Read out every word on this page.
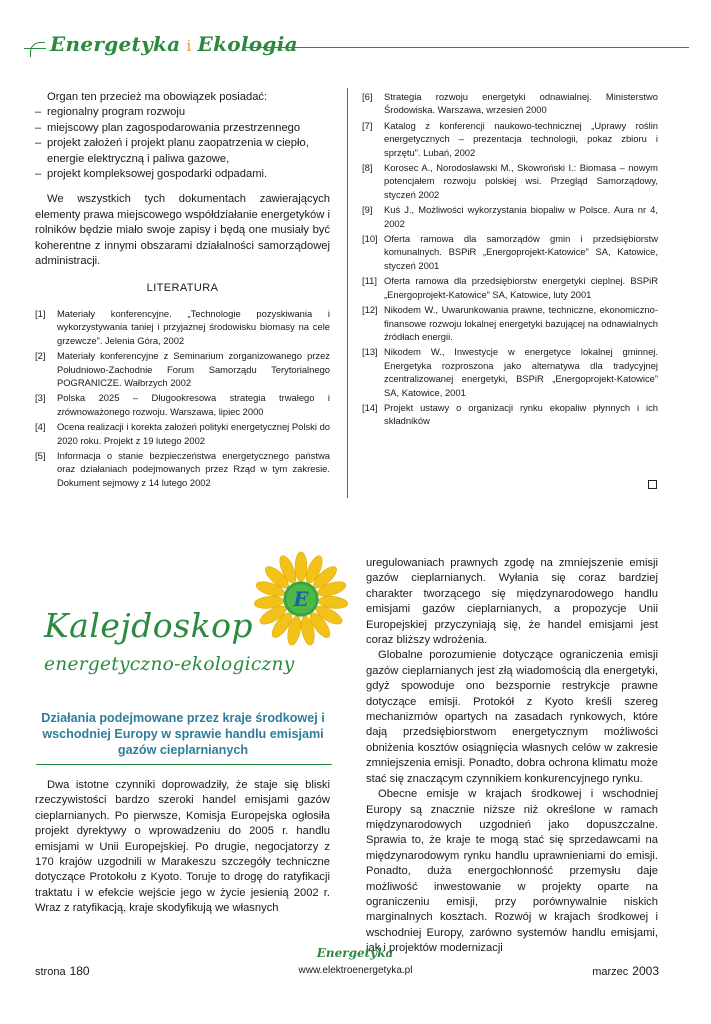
Energetyka i Ekologia

Organ ten przecież ma obowiązek posiadać:

– regionalny program rozwoju
– miejscowy plan zagospodarowania przestrzennego
– projekt założeń i projekt planu zaopatrzenia w ciepło, energie elektryczną i paliwa gazowe,
– projekt kompleksowej gospodarki odpadami.

We wszystkich tych dokumentach zawierających elementy prawa miejscowego współdziałanie energetyków i rolników będzie miało swoje zapisy i będą one musiały być koherentne z innymi obszarami działalności samorządowej administracji.

LITERATURA
[1] Materiały konferencyjne. „Technologie pozyskiwania i wykorzystywania taniej i przyjaznej środowisku biomasy na cele grzewcze”. Jelenia Góra, 2002
[2] Materiały konferencyjne z Seminarium zorganizowanego przez Południowo-Zachodnie Forum Samorządu Terytorialnego POGRANICZE. Wałbrzych 2002
[3] Polska 2025 – Długookresowa strategia trwałego i zrównoważonego rozwoju. Warszawa, lipiec 2000
[4] Ocena realizacji i korekta założeń polityki energetycznej Polski do 2020 roku. Projekt z 19 lutego 2002
[5] Informacja o stanie bezpieczeństwa energetycznego państwa oraz działaniach podejmowanych przez Rząd w tym zakresie. Dokument sejmowy z 14 lutego 2002
[6] Strategia rozwoju energetyki odnawialnej. Ministerstwo Środowiska. Warszawa, wrzesień 2000
[7] Katalog z konferencji naukowo-technicznej „Uprawy roślin energetycznych – prezentacja technologii, pokaz zbioru i sprzętu”. Lubań, 2002
[8] Korosec A., Norodosławski M., Skowroński I.: Biomasa – nowym potencjałem rozwoju polskiej wsi. Przegląd Samorządowy, styczeń 2002
[9] Kuś J., Możliwości wykorzystania biopaliw w Polsce. Aura nr 4, 2002
[10] Oferta ramowa dla samorządów gmin i przedsiębiorstw komunalnych. BSPiR „Energoprojekt-Katowice” SA, Katowice, styczeń 2001
[11] Oferta ramowa dla przedsiębiorstw energetyki cieplnej. BSPiR „Energoprojekt-Katowice” SA, Katowice, luty 2001
[12] Nikodem W., Uwarunkowania prawne, techniczne, ekonomiczno-finansowe rozwoju lokalnej energetyki bazującej na odnawialnych źródłach energii.
[13] Nikodem W., Inwestycje w energetyce lokalnej gminnej. Energetyka rozproszona jako alternatywa dla tradycyjnej zcentralizowanej energetyki, BSPiR „Energoprojekt-Katowice” SA, Katowice, 2001
[14] Projekt ustawy o organizacji rynku ekopaliw płynnych i ich składników
E
Kalejdoskop
energetyczno-ekologiczny
Działania podejmowane przez kraje środkowej i wschodniej Europy w sprawie handlu emisjami gazów cieplarnianych
Dwa istotne czynniki doprowadziły, że staje się bliski rzeczywistości bardzo szeroki handel emisjami gazów cieplarnianych. Po pierwsze, Komisja Europejska ogłosiła projekt dyrektywy o wprowadzeniu do 2005 r. handlu emisjami w Unii Europejskiej. Po drugie, negocjatorzy z 170 krajów uzgodnili w Marakeszu szczegóły techniczne dotyczące Protokołu z Kyoto. Toruje to drogę do ratyfikacji traktatu i w efekcie wejście jego w życie jesienią 2002 r. Wraz z ratyfikacją, kraje skodyfikują we własnych

uregulowaniach prawnych zgodę na zmniejszenie emisji gazów cieplarnianych. Wyłania się coraz bardziej charakter tworzącego się międzynarodowego handlu emisjami gazów cieplarnianych, a propozycje Unii Europejskiej przyczyniają się, że handel emisjami jest coraz bliższy wdrożenia.

Globalne porozumienie dotyczące ograniczenia emisji gazów cieplarnianych jest złą wiadomością dla energetyki, gdyż spowoduje ono bezspornie restrykcje prawne dotyczące emisji. Protokół z Kyoto kreśli szereg mechanizmów opartych na zasadach rynkowych, które dają przedsiębiorstwom energetycznym możliwości obniżenia kosztów osiągnięcia własnych celów w zakresie zmniejszenia emisji. Ponadto, dobra ochrona klimatu może stać się znaczącym czynnikiem konkurencyjnego rynku.

Obecne emisje w krajach środkowej i wschodniej Europy są znacznie niższe niż określone w ramach międzynarodowych uzgodnień jako dopuszczalne. Sprawia to, że kraje te mogą stać się sprzedawcami na międzynarodowym rynku handlu uprawnieniami do emisji. Ponadto, duża energochłonność przemysłu daje możliwość inwestowanie w projekty oparte na ograniczeniu emisji, przy porównywalnie niskich marginalnych kosztach. Rozwój w krajach środkowej i wschodniej Europy, zarówno systemów handlu emisjami, jak i projektów modernizacji

Energetyka
strona 180	www.elektroenergetyka.pl	marzec 2003
